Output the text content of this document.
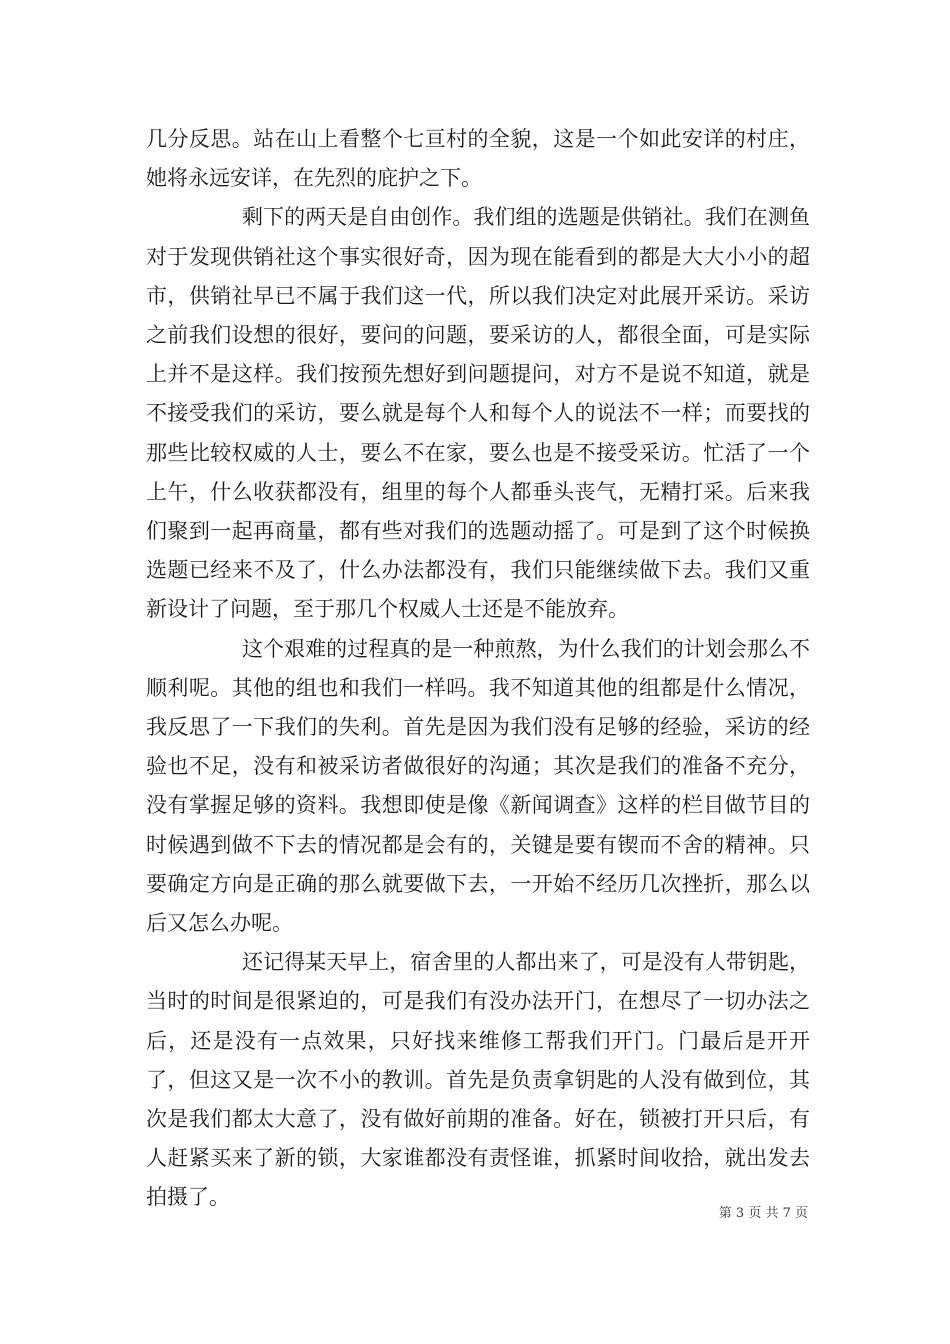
几分反思。站在山上看整个七亘村的全貌，这是一个如此安详的村庄，她将永远安详，在先烈的庇护之下。

剩下的两天是自由创作。我们组的选题是供销社。我们在测鱼对于发现供销社这个事实很好奇，因为现在能看到的都是大大小小的超市，供销社早已不属于我们这一代，所以我们决定对此展开采访。采访之前我们设想的很好，要问的问题，要采访的人，都很全面，可是实际上并不是这样。我们按预先想好到问题提问，对方不是说不知道，就是不接受我们的采访，要么就是每个人和每个人的说法不一样；而要找的那些比较权威的人士，要么不在家，要么也是不接受采访。忙活了一个上午，什么收获都没有，组里的每个人都垂头丧气，无精打采。后来我们聚到一起再商量，都有些对我们的选题动摇了。可是到了这个时候换选题已经来不及了，什么办法都没有，我们只能继续做下去。我们又重新设计了问题，至于那几个权威人士还是不能放弃。

这个艰难的过程真的是一种煎熬，为什么我们的计划会那么不顺利呢。其他的组也和我们一样吗。我不知道其他的组都是什么情况，我反思了一下我们的失利。首先是因为我们没有足够的经验，采访的经验也不足，没有和被采访者做很好的沟通；其次是我们的准备不充分，没有掌握足够的资料。我想即使是像《新闻调查》这样的栏目做节目的时候遇到做不下去的情况都是会有的，关键是要有锲而不舍的精神。只要确定方向是正确的那么就要做下去，一开始不经历几次挫折，那么以后又怎么办呢。

还记得某天早上，宿舍里的人都出来了，可是没有人带钥匙，当时的时间是很紧迫的，可是我们有没办法开门，在想尽了一切办法之后，还是没有一点效果，只好找来维修工帮我们开门。门最后是开开了，但这又是一次不小的教训。首先是负责拿钥匙的人没有做到位，其次是我们都太大意了，没有做好前期的准备。好在，锁被打开只后，有人赶紧买来了新的锁，大家谁都没有责怪谁，抓紧时间收拾，就出发去拍摄了。

第 3 页 共 7 页
